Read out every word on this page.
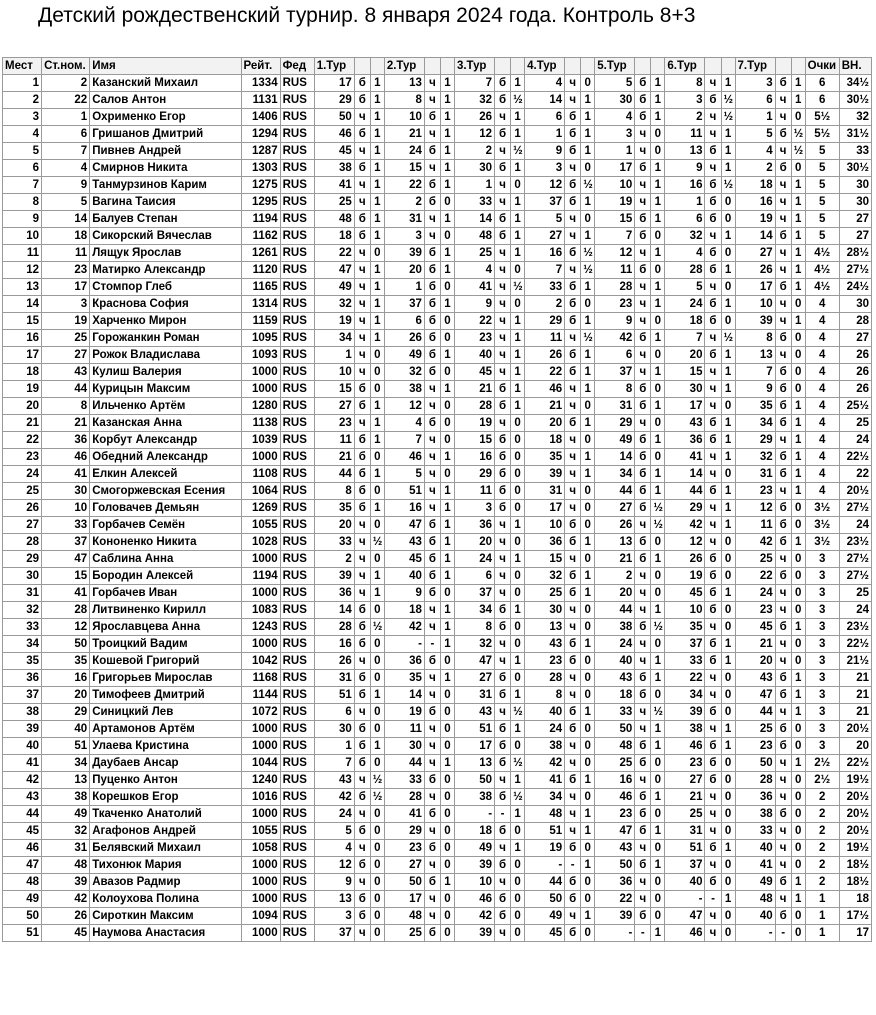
Детский рождественский турнир. 8 января 2024 года. Контроль 8+3
Мест	Ст.ном.	Имя	Рейт.	Фед	1.Тур			2.Тур			3.Тур			4.Тур			5.Тур			6.Тур			7.Тур			Очки	ВН.
1	2	Казанский Михаил	1334	RUS	17	б	1	13	ч	1	7	б	1	4	ч	0	5	б	1	8	ч	1	3	б	1	6	34½
2	22	Салов Антон	1131	RUS	29	б	1	8	ч	1	32	б	½	14	ч	1	30	б	1	3	б	½	6	ч	1	6	30½
3	1	Охрименко Егор	1406	RUS	50	ч	1	10	б	1	26	ч	1	6	б	1	4	б	1	2	ч	½	1	ч	0	5½	32
4	6	Гришанов Дмитрий	1294	RUS	46	б	1	21	ч	1	12	б	1	1	б	1	3	ч	0	11	ч	1	5	б	½	5½	31½
5	7	Пивнев Андрей	1287	RUS	45	ч	1	24	б	1	2	ч	½	9	б	1	1	ч	0	13	б	1	4	ч	½	5	33
6	4	Смирнов Никита	1303	RUS	38	б	1	15	ч	1	30	б	1	3	ч	0	17	б	1	9	ч	1	2	б	0	5	30½
7	9	Танмурзинов Карим	1275	RUS	41	ч	1	22	б	1	1	ч	0	12	б	½	10	ч	1	16	б	½	18	ч	1	5	30
8	5	Вагина Таисия	1295	RUS	25	ч	1	2	б	0	33	ч	1	37	б	1	19	ч	1	1	б	0	16	ч	1	5	30
9	14	Балуев Степан	1194	RUS	48	б	1	31	ч	1	14	б	1	5	ч	0	15	б	1	6	б	0	19	ч	1	5	27
10	18	Сикорский Вячеслав	1162	RUS	18	б	1	3	ч	0	48	б	1	27	ч	1	7	б	0	32	ч	1	14	б	1	5	27
11	11	Лящук Ярослав	1261	RUS	22	ч	0	39	б	1	25	ч	1	16	б	½	12	ч	1	4	б	0	27	ч	1	4½	28½
12	23	Матирко Александр	1120	RUS	47	ч	1	20	б	1	4	ч	0	7	ч	½	11	б	0	28	б	1	26	ч	1	4½	27½
13	17	Стомпор Глеб	1165	RUS	49	ч	1	1	б	0	41	ч	½	33	б	1	28	ч	1	5	ч	0	17	б	1	4½	24½
14	3	Краснова София	1314	RUS	32	ч	1	37	б	1	9	ч	0	2	б	0	23	ч	1	24	б	1	10	ч	0	4	30
15	19	Харченко Мирон	1159	RUS	19	ч	1	6	б	0	22	ч	1	29	б	1	9	ч	0	18	б	0	39	ч	1	4	28
16	25	Горожанкин Роман	1095	RUS	34	ч	1	26	б	0	23	ч	1	11	ч	½	42	б	1	7	ч	½	8	б	0	4	27
17	27	Рожок Владислава	1093	RUS	1	ч	0	49	б	1	40	ч	1	26	б	1	6	ч	0	20	б	1	13	ч	0	4	26
18	43	Кулиш Валерия	1000	RUS	10	ч	0	32	б	0	45	ч	1	22	б	1	37	ч	1	15	ч	1	7	б	0	4	26
19	44	Курицын Максим	1000	RUS	15	б	0	38	ч	1	21	б	1	46	ч	1	8	б	0	30	ч	1	9	б	0	4	26
20	8	Ильченко Артём	1280	RUS	27	б	1	12	ч	0	28	б	1	21	ч	0	31	б	1	17	ч	0	35	б	1	4	25½
21	21	Казанская Анна	1138	RUS	23	ч	1	4	б	0	19	ч	0	20	б	1	29	ч	0	43	б	1	34	б	1	4	25
22	36	Корбут Александр	1039	RUS	11	б	1	7	ч	0	15	б	0	18	ч	0	49	б	1	36	б	1	29	ч	1	4	24
23	46	Обедний Александр	1000	RUS	21	б	0	46	ч	1	16	б	0	35	ч	1	14	б	0	41	ч	1	32	б	1	4	22½
24	41	Елкин Алексей	1108	RUS	44	б	1	5	ч	0	29	б	0	39	ч	1	34	б	1	14	ч	0	31	б	1	4	22
25	30	Смогоржевская Есения	1064	RUS	8	б	0	51	ч	1	11	б	0	31	ч	0	44	б	1	44	б	1	23	ч	1	4	20½
26	10	Головачев Демьян	1269	RUS	35	б	1	16	ч	1	3	б	0	17	ч	0	27	б	½	29	ч	1	12	б	0	3½	27½
27	33	Горбачев Семён	1055	RUS	20	ч	0	47	б	1	36	ч	1	10	б	0	26	ч	½	42	ч	1	11	б	0	3½	24
28	37	Кононенко Никита	1028	RUS	33	ч	½	43	б	1	20	ч	0	36	б	1	13	б	0	12	ч	0	42	б	1	3½	23½
29	47	Саблина Анна	1000	RUS	2	ч	0	45	б	1	24	ч	1	15	ч	0	21	б	1	26	б	0	25	ч	0	3	27½
30	15	Бородин Алексей	1194	RUS	39	ч	1	40	б	1	6	ч	0	32	б	1	2	ч	0	19	б	0	22	б	0	3	27½
31	41	Горбачев Иван	1000	RUS	36	ч	1	9	б	0	37	ч	0	25	б	1	20	ч	0	45	б	1	24	ч	0	3	25
32	28	Литвиненко Кирилл	1083	RUS	14	б	0	18	ч	1	34	б	1	30	ч	0	44	ч	1	10	б	0	23	ч	0	3	24
33	12	Ярославцева Анна	1243	RUS	28	б	½	42	ч	1	8	б	0	13	ч	0	38	б	½	35	ч	0	45	б	1	3	23½
34	50	Троицкий Вадим	1000	RUS	16	б	0	-	-	1	32	ч	0	43	б	1	24	ч	0	37	б	1	21	ч	0	3	22½
35	35	Кошевой Григорий	1042	RUS	26	ч	0	36	б	0	47	ч	1	23	б	0	40	ч	1	33	б	1	20	ч	0	3	21½
36	16	Григорьев Мирослав	1168	RUS	31	б	0	35	ч	1	27	б	0	28	ч	0	43	б	1	22	ч	0	43	б	1	3	21
37	20	Тимофеев Дмитрий	1144	RUS	51	б	1	14	ч	0	31	б	1	8	ч	0	18	б	0	34	ч	0	47	б	1	3	21
38	29	Синицкий Лев	1072	RUS	6	ч	0	19	б	0	43	ч	½	40	б	1	33	ч	½	39	б	0	44	ч	1	3	21
39	40	Артамонов Артём	1000	RUS	30	б	0	11	ч	0	51	б	1	24	б	0	50	ч	1	38	ч	1	25	б	0	3	20½
40	51	Улаева Кристина	1000	RUS	1	б	1	30	ч	0	17	б	0	38	ч	0	48	б	1	46	б	1	23	б	0	3	20
41	34	Даубаев Ансар	1044	RUS	7	б	0	44	ч	1	13	б	½	42	ч	0	25	б	0	23	б	0	50	ч	1	2½	22½
42	13	Пуценко Антон	1240	RUS	43	ч	½	33	б	0	50	ч	1	41	б	1	16	ч	0	27	б	0	28	ч	0	2½	19½
43	38	Корешков Егор	1016	RUS	42	б	½	28	ч	0	38	б	½	34	ч	0	46	б	1	21	ч	0	36	ч	0	2	20½
44	49	Ткаченко Анатолий	1000	RUS	24	ч	0	41	б	0	-	-	1	48	ч	1	23	б	0	25	ч	0	38	б	0	2	20½
45	32	Агафонов Андрей	1055	RUS	5	б	0	29	ч	0	18	б	0	51	ч	1	47	б	1	31	ч	0	33	ч	0	2	20½
46	31	Белявский Михаил	1058	RUS	4	ч	0	23	б	0	49	ч	1	19	б	0	43	ч	0	51	б	1	40	ч	0	2	19½
47	48	Тихонюк Мария	1000	RUS	12	б	0	27	ч	0	39	б	0	-	-	1	50	б	1	37	ч	0	41	ч	0	2	18½
48	39	Авазов Радмир	1000	RUS	9	ч	0	50	б	1	10	ч	0	44	б	0	36	ч	0	40	б	0	49	б	1	2	18½
49	42	Колоухова Полина	1000	RUS	13	б	0	17	ч	0	46	б	0	50	б	0	22	ч	0	-	-	1	48	ч	1	1	18
50	26	Сироткин Максим	1094	RUS	3	б	0	48	ч	0	42	б	0	49	ч	1	39	б	0	47	ч	0	40	б	0	1	17½
51	45	Наумова Анастасия	1000	RUS	37	ч	0	25	б	0	39	ч	0	45	б	0	-	-	1	46	ч	0	-	-	0	1	17
